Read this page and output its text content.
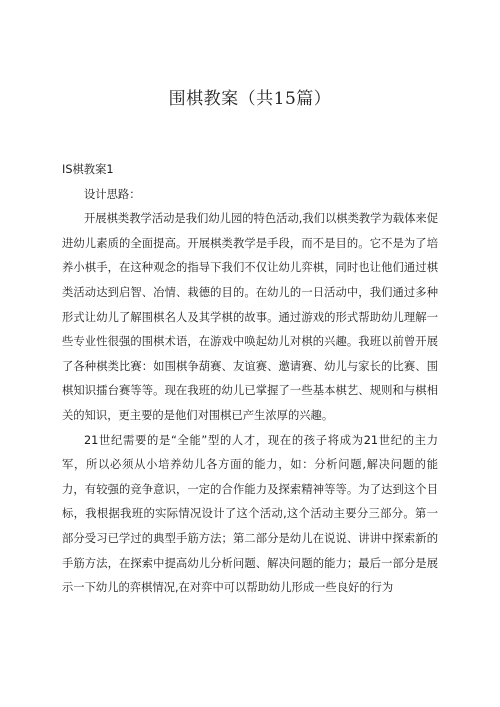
围棋教案（共15篇）

IS棋教案1

设计思路：

开展棋类教学活动是我们幼儿园的特色活动,我们以棋类教学为载体来促进幼儿素质的全面提高。开展棋类教学是手段，而不是目的。它不是为了培养小棋手，在这种观念的指导下我们不仅让幼儿弈棋，同时也让他们通过棋类活动达到启智、冶情、栽德的目的。在幼儿的一日活动中，我们通过多种形式让幼儿了解围棋名人及其学棋的故事。通过游戏的形式帮助幼儿理解一些专业性很强的围棋术语，在游戏中唤起幼儿对棋的兴趣。我班以前曾开展了各种棋类比赛：如围棋争葫赛、友谊赛、邀请赛、幼儿与家长的比赛、围棋知识擂台赛等等。现在我班的幼儿已掌握了一些基本棋艺、规则和与棋相关的知识，更主要的是他们对围棋已产生浓厚的兴趣。

21世纪需要的是“全能”型的人才，现在的孩子将成为21世纪的主力军，所以必须从小培养幼儿各方面的能力，如：分析问题,解决问题的能力，有较强的竞争意识，一定的合作能力及探索精神等等。为了达到这个目标，我根据我班的实际情况设计了这个活动,这个活动主要分三部分。第一部分受习已学过的典型手筋方法；第二部分是幼儿在说说、讲讲中探索新的手筋方法，在探索中提高幼儿分析问题、解决问题的能力；最后一部分是展示一下幼儿的弈棋情况,在对弈中可以帮助幼儿形成一些良好的行为
